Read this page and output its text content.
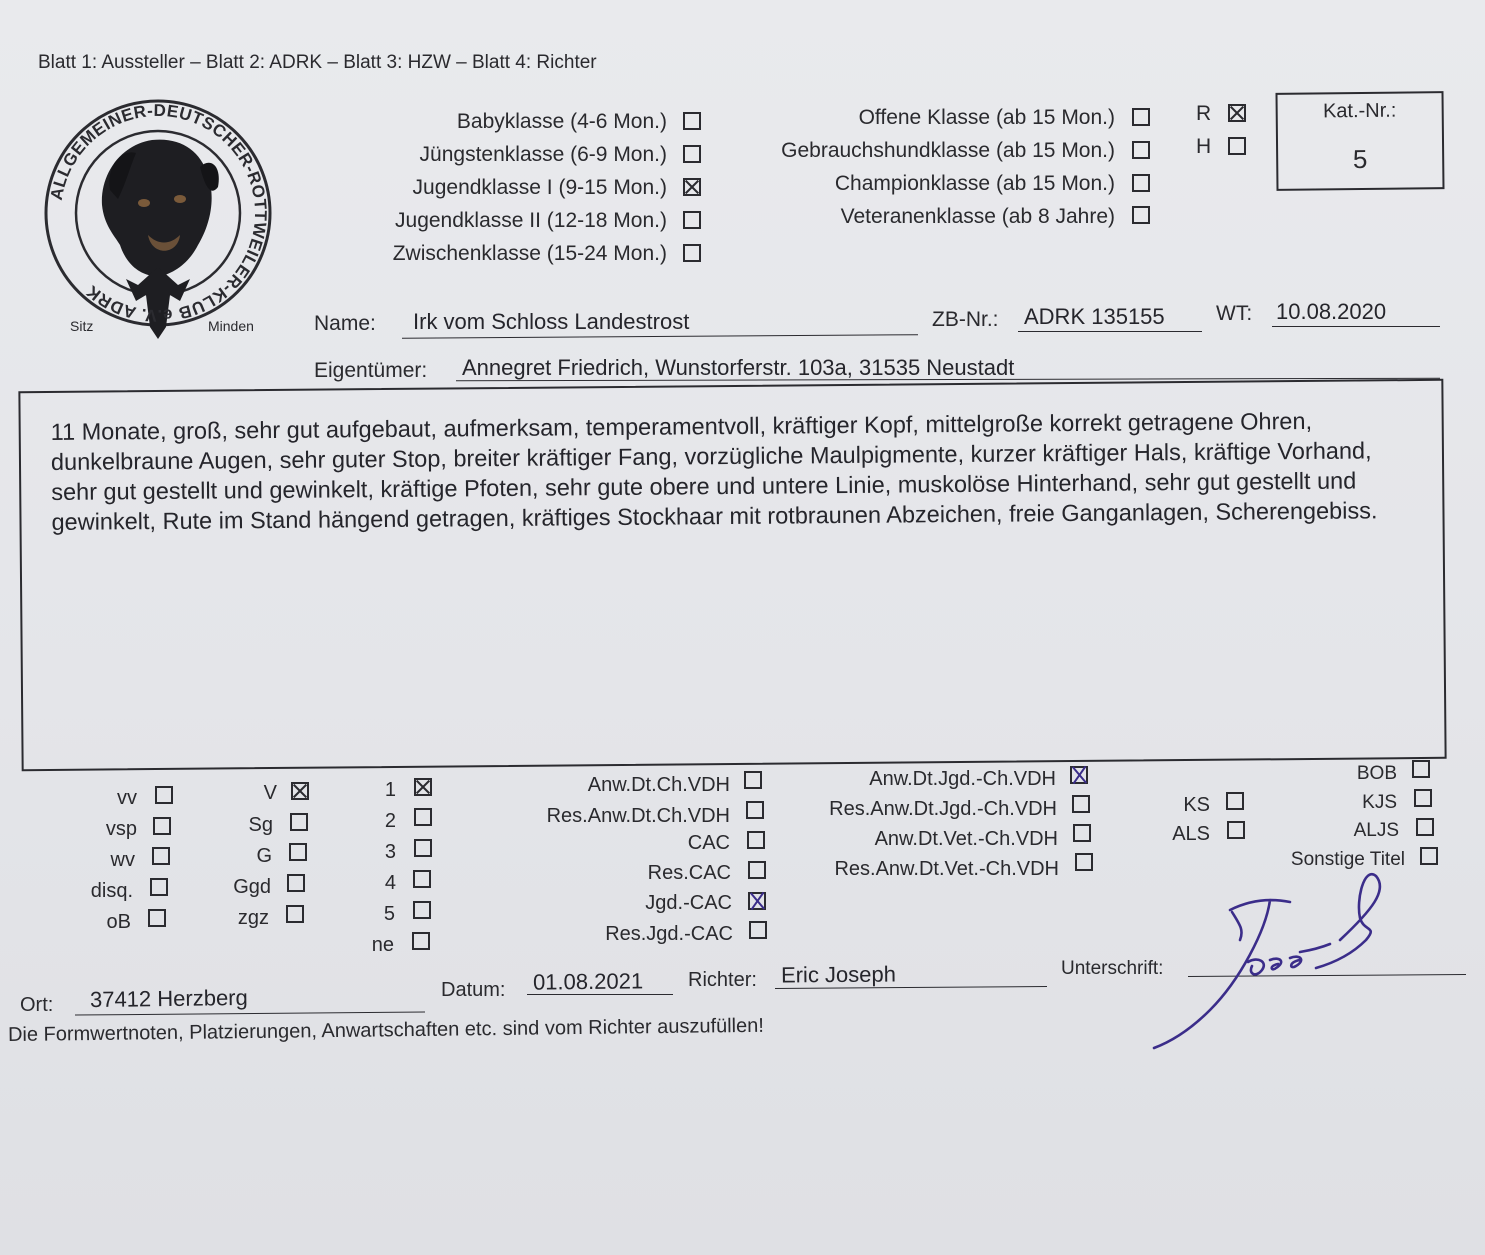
Blatt 1: Aussteller – Blatt 2: ADRK – Blatt 3: HZW – Blatt 4: Richter
ALLGEMEINER-DEUTSCHER-ROTTWEILER-KLUB e.V. ADRK
Sitz	Minden
Babyklasse (4-6 Mon.)
Jüngstenklasse (6-9 Mon.)
Jugendklasse I (9-15 Mon.)
Jugendklasse II (12-18 Mon.)
Zwischenklasse (15-24 Mon.)
Offene Klasse (ab 15 Mon.)
Gebrauchshundklasse (ab 15 Mon.)
Championklasse (ab 15 Mon.)
Veteranenklasse (ab 8 Jahre)
R
H
Kat.-Nr.:
5
Name: Irk vom Schloss Landestrost	ZB-Nr.: ADRK 135155 WT: 10.08.2020
Eigentümer: Annegret Friedrich, Wunstorferstr. 103a, 31535 Neustadt

11 Monate, groß, sehr gut aufgebaut, aufmerksam, temperamentvoll, kräftiger Kopf, mittelgroße korrekt getragene Ohren, dunkelbraune Augen, sehr guter Stop, breiter kräftiger Fang, vorzügliche Maulpigmente, kurzer kräftiger Hals, kräftige Vorhand, sehr gut gestellt und gewinkelt, kräftige Pfoten, sehr gute obere und untere Linie, muskolöse Hinterhand, sehr gut gestellt und gewinkelt, Rute im Stand hängend getragen, kräftiges Stockhaar mit rotbraunen Abzeichen, freie Ganganlagen, Scherengebiss.

vv
vsp
wv
disq.
oB
V
Sg
G
Ggd
zgz
1
2
3
4
5
ne
Anw.Dt.Ch.VDH
Res.Anw.Dt.Ch.VDH
CAC
Res.CAC
Jgd.-CAC
Res.Jgd.-CAC
Anw.Dt.Jgd.-Ch.VDH
Res.Anw.Dt.Jgd.-Ch.VDH
Anw.Dt.Vet.-Ch.VDH
Res.Anw.Dt.Vet.-Ch.VDH
KS
ALS
BOB
KJS
ALJS
Sonstige Titel
Ort: 37412 Herzberg	Datum: 01.08.2021 Richter: Eric Joseph	Unterschrift:
Die Formwertnoten, Platzierungen, Anwartschaften etc. sind vom Richter auszufüllen!
